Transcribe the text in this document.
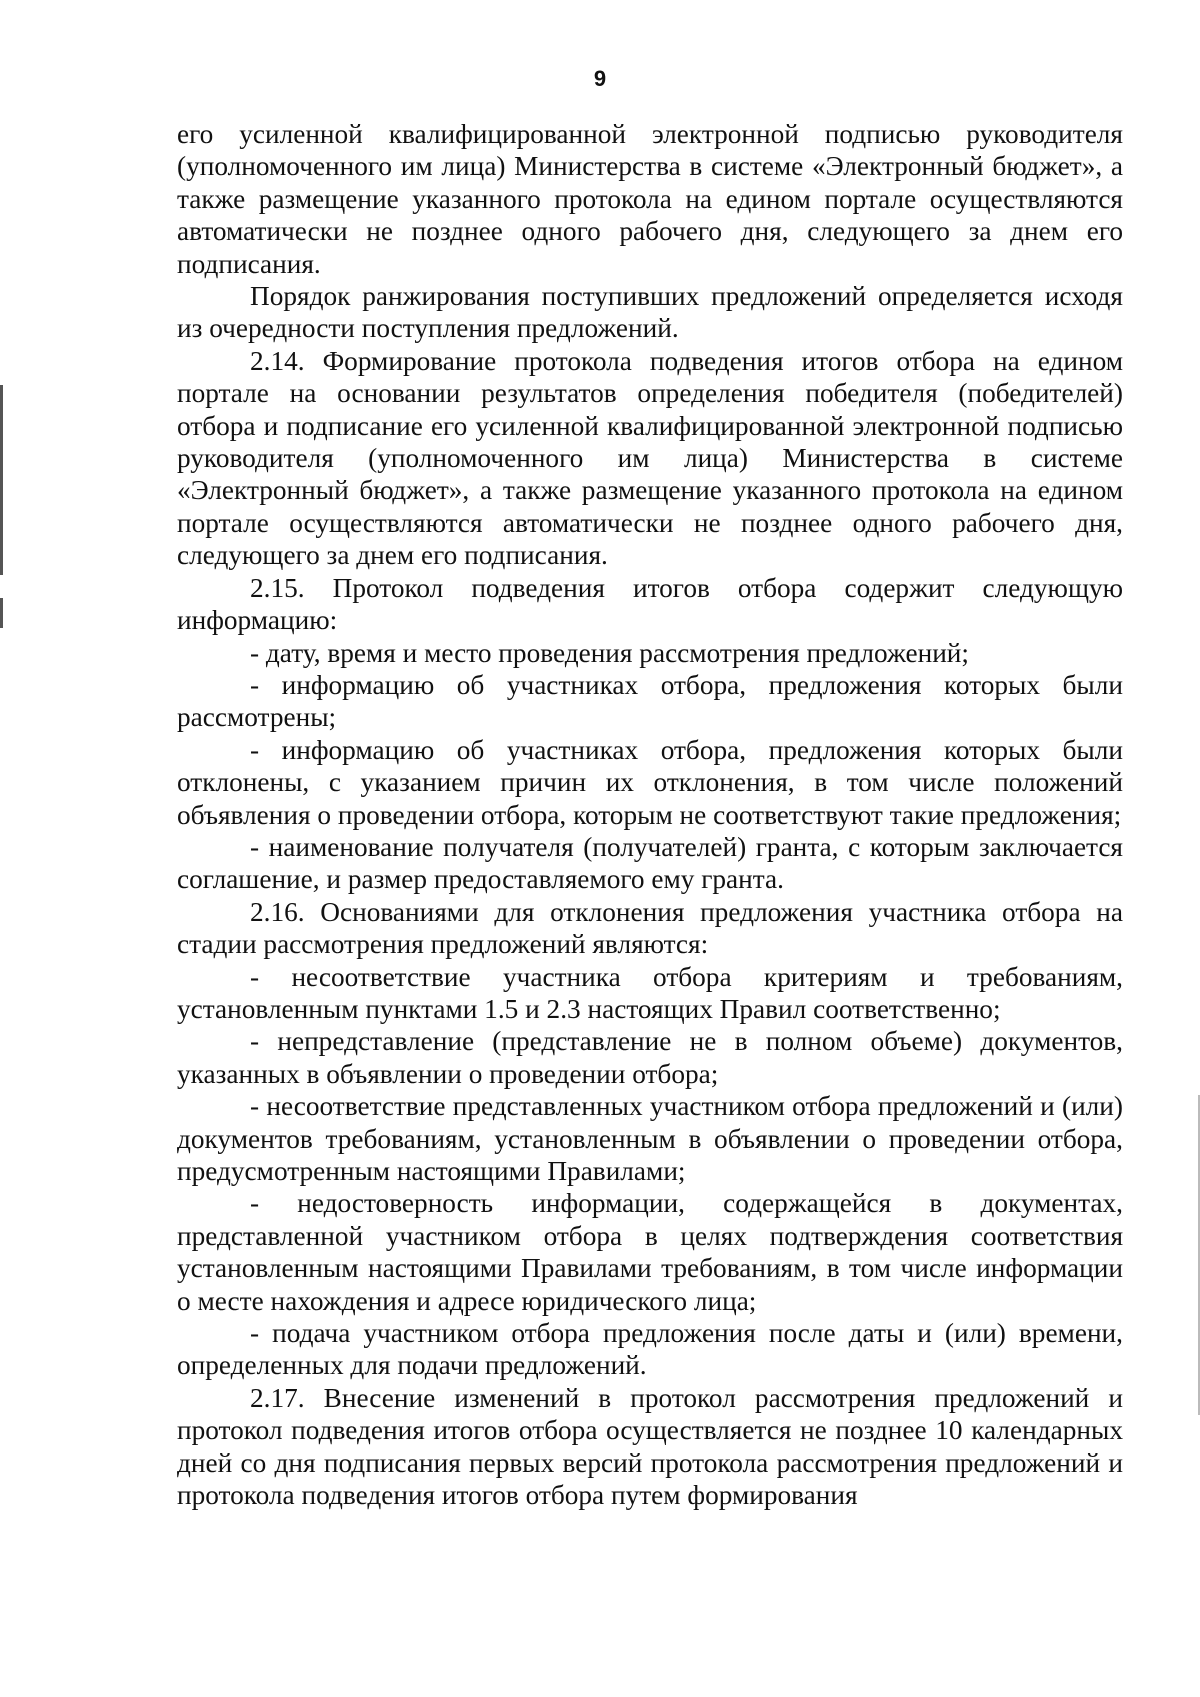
9

его усиленной квалифицированной электронной подписью руководителя (уполномоченного им лица) Министерства в системе «Электронный бюджет», а также размещение указанного протокола на едином портале осуществляются автоматически не позднее одного рабочего дня, следующего за днем его подписания.

Порядок ранжирования поступивших предложений определяется исходя из очередности поступления предложений.

2.14. Формирование протокола подведения итогов отбора на едином портале на основании результатов определения победителя (победителей) отбора и подписание его усиленной квалифицированной электронной подписью руководителя (уполномоченного им лица) Министерства в системе «Электронный бюджет», а также размещение указанного протокола на едином портале осуществляются автоматически не позднее одного рабочего дня, следующего за днем его подписания.

2.15. Протокол подведения итогов отбора содержит следующую информацию:

- дату, время и место проведения рассмотрения предложений;

- информацию об участниках отбора, предложения которых были рассмотрены;

- информацию об участниках отбора, предложения которых были отклонены, с указанием причин их отклонения, в том числе положений объявления о проведении отбора, которым не соответствуют такие предложения;

- наименование получателя (получателей) гранта, с которым заключается соглашение, и размер предоставляемого ему гранта.

2.16. Основаниями для отклонения предложения участника отбора на стадии рассмотрения предложений являются:

- несоответствие участника отбора критериям и требованиям, установленным пунктами 1.5 и 2.3 настоящих Правил соответственно;

- непредставление (представление не в полном объеме) документов, указанных в объявлении о проведении отбора;

- несоответствие представленных участником отбора предложений и (или) документов требованиям, установленным в объявлении о проведении отбора, предусмотренным настоящими Правилами;

- недостоверность информации, содержащейся в документах, представленной участником отбора в целях подтверждения соответствия установленным настоящими Правилами требованиям, в том числе информации о месте нахождения и адресе юридического лица;

- подача участником отбора предложения после даты и (или) времени, определенных для подачи предложений.

2.17. Внесение изменений в протокол рассмотрения предложений и протокол подведения итогов отбора осуществляется не позднее 10 календарных дней со дня подписания первых версий протокола рассмотрения предложений и протокола подведения итогов отбора путем формирования
